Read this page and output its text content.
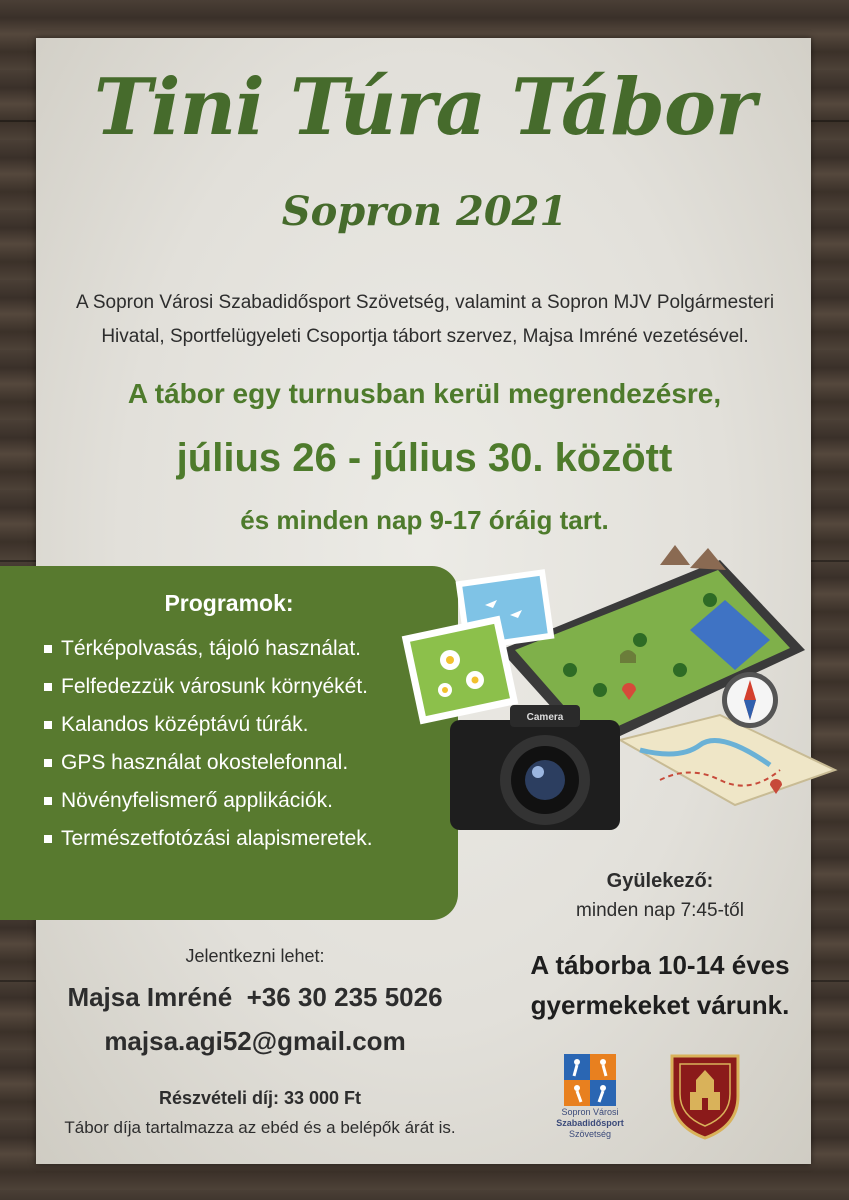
Tini Túra Tábor
Sopron 2021
A Sopron Városi Szabadidősport Szövetség, valamint a Sopron MJV Polgármesteri
Hivatal, Sportfelügyeleti Csoportja tábort szervez, Majsa Imréné vezetésével.
A tábor egy turnusban kerül megrendezésre,
július 26 - július 30. között
és minden nap 9-17 óráig tart.
Programok:
Térképolvasás, tájoló használat.
Felfedezzük városunk környékét.
Kalandos középtávú túrák.
GPS használat okostelefonnal.
Növényfelismerő applikációk.
Természetfotózási alapismeretek.
Camera
Gyülekező:
minden nap 7:45-től
A táborba 10-14 éves
gyermekeket várunk.
Jelentkezni lehet:
Majsa Imréné  +36 30 235 5026
majsa.agi52@gmail.com
Részvételi díj: 33 000 Ft
Tábor díja tartalmazza az ebéd és a belépők árát is.
Sopron Városi
Szabadidősport
Szövetség
